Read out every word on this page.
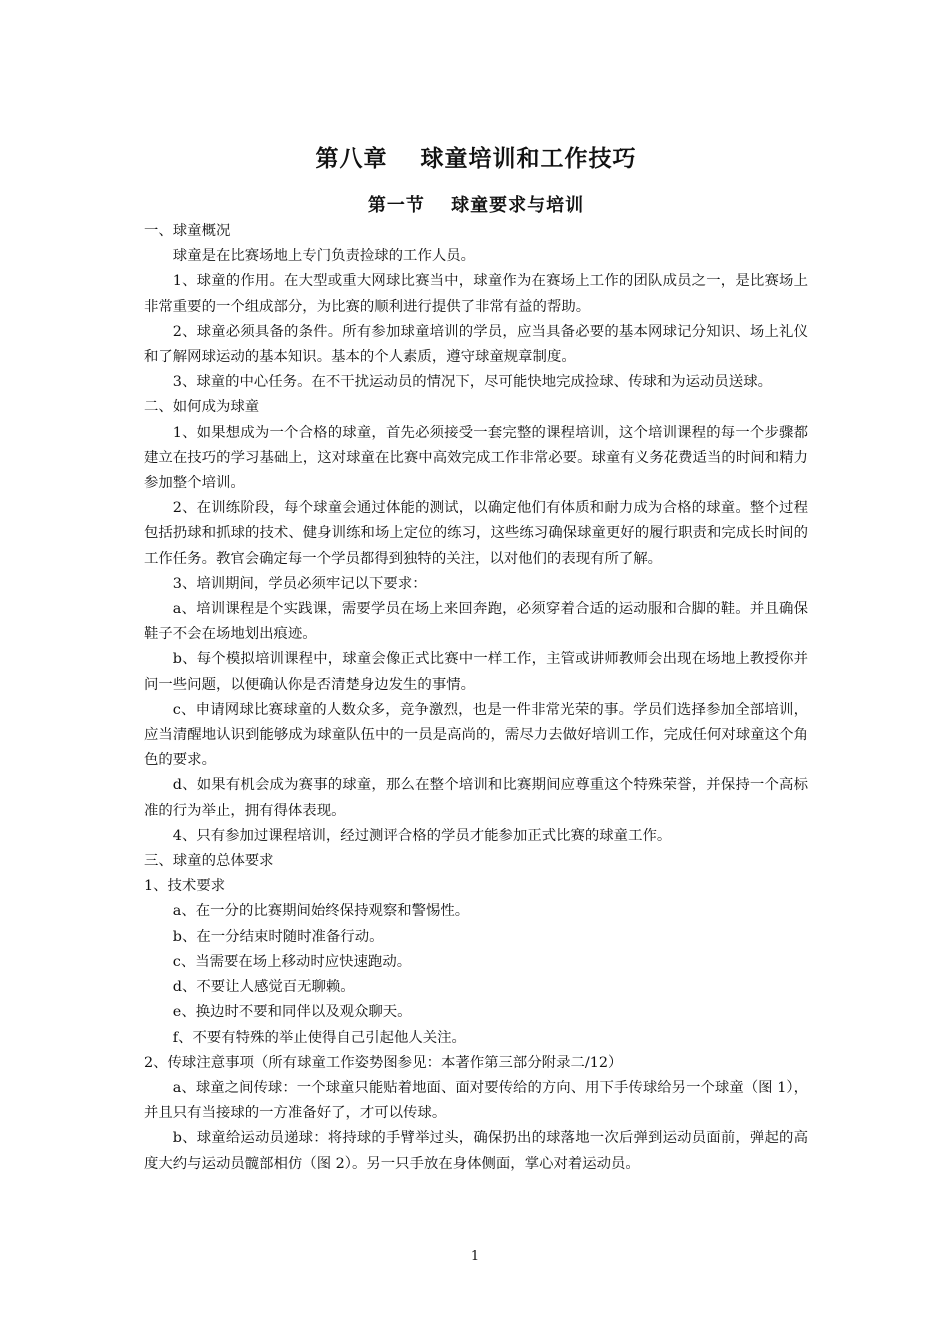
第八章　 球童培训和工作技巧
第一节　 球童要求与培训

一、球童概况

球童是在比赛场地上专门负责捡球的工作人员。

1、球童的作用。在大型或重大网球比赛当中，球童作为在赛场上工作的团队成员之一，是比赛场上非常重要的一个组成部分，为比赛的顺利进行提供了非常有益的帮助。

2、球童必须具备的条件。所有参加球童培训的学员，应当具备必要的基本网球记分知识、场上礼仪和了解网球运动的基本知识。基本的个人素质，遵守球童规章制度。

3、球童的中心任务。在不干扰运动员的情况下，尽可能快地完成捡球、传球和为运动员送球。

二、如何成为球童

1、如果想成为一个合格的球童，首先必须接受一套完整的课程培训，这个培训课程的每一个步骤都建立在技巧的学习基础上，这对球童在比赛中高效完成工作非常必要。球童有义务花费适当的时间和精力参加整个培训。

2、在训练阶段，每个球童会通过体能的测试，以确定他们有体质和耐力成为合格的球童。整个过程包括扔球和抓球的技术、健身训练和场上定位的练习，这些练习确保球童更好的履行职责和完成长时间的工作任务。教官会确定每一个学员都得到独特的关注，以对他们的表现有所了解。

3、培训期间，学员必须牢记以下要求：

a、培训课程是个实践课，需要学员在场上来回奔跑，必须穿着合适的运动服和合脚的鞋。并且确保鞋子不会在场地划出痕迹。

b、每个模拟培训课程中，球童会像正式比赛中一样工作，主管或讲师教师会出现在场地上教授你并问一些问题，以便确认你是否清楚身边发生的事情。

c、申请网球比赛球童的人数众多，竞争激烈，也是一件非常光荣的事。学员们选择参加全部培训，应当清醒地认识到能够成为球童队伍中的一员是高尚的，需尽力去做好培训工作，完成任何对球童这个角色的要求。

d、如果有机会成为赛事的球童，那么在整个培训和比赛期间应尊重这个特殊荣誉，并保持一个高标准的行为举止，拥有得体表现。

4、只有参加过课程培训，经过测评合格的学员才能参加正式比赛的球童工作。

三、球童的总体要求

1、技术要求

a、在一分的比赛期间始终保持观察和警惕性。

b、在一分结束时随时准备行动。

c、当需要在场上移动时应快速跑动。

d、不要让人感觉百无聊赖。

e、换边时不要和同伴以及观众聊天。

f、不要有特殊的举止使得自己引起他人关注。

2、传球注意事项（所有球童工作姿势图参见：本著作第三部分附录二/12）

a、球童之间传球：一个球童只能贴着地面、面对要传给的方向、用下手传球给另一个球童（图 1），并且只有当接球的一方准备好了，才可以传球。

b、球童给运动员递球：将持球的手臂举过头，确保扔出的球落地一次后弹到运动员面前，弹起的高度大约与运动员髋部相仿（图 2）。另一只手放在身体侧面，掌心对着运动员。

1
